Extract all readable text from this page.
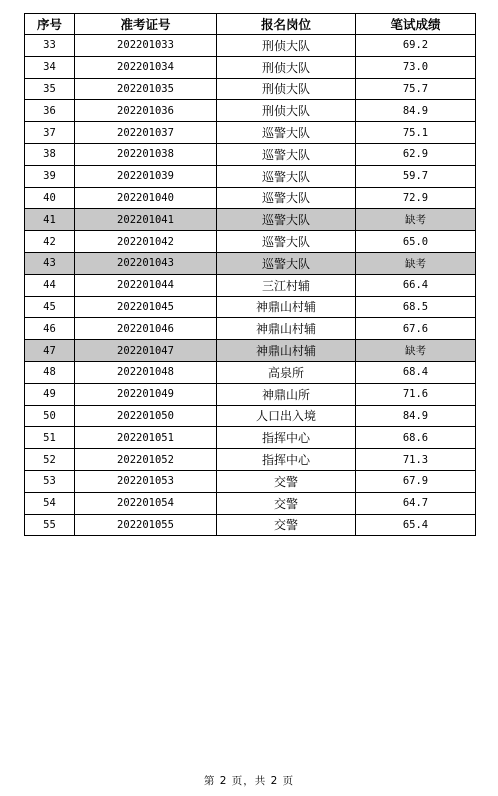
序号	准考证号	报名岗位	笔试成绩
33	202201033	刑侦大队	69.2
34	202201034	刑侦大队	73.0
35	202201035	刑侦大队	75.7
36	202201036	刑侦大队	84.9
37	202201037	巡警大队	75.1
38	202201038	巡警大队	62.9
39	202201039	巡警大队	59.7
40	202201040	巡警大队	72.9
41	202201041	巡警大队	缺考
42	202201042	巡警大队	65.0
43	202201043	巡警大队	缺考
44	202201044	三江村辅	66.4
45	202201045	神鼎山村辅	68.5
46	202201046	神鼎山村辅	67.6
47	202201047	神鼎山村辅	缺考
48	202201048	高泉所	68.4
49	202201049	神鼎山所	71.6
50	202201050	人口出入境	84.9
51	202201051	指挥中心	68.6
52	202201052	指挥中心	71.3
53	202201053	交警	67.9
54	202201054	交警	64.7
55	202201055	交警	65.4
第 2 页，共 2 页
